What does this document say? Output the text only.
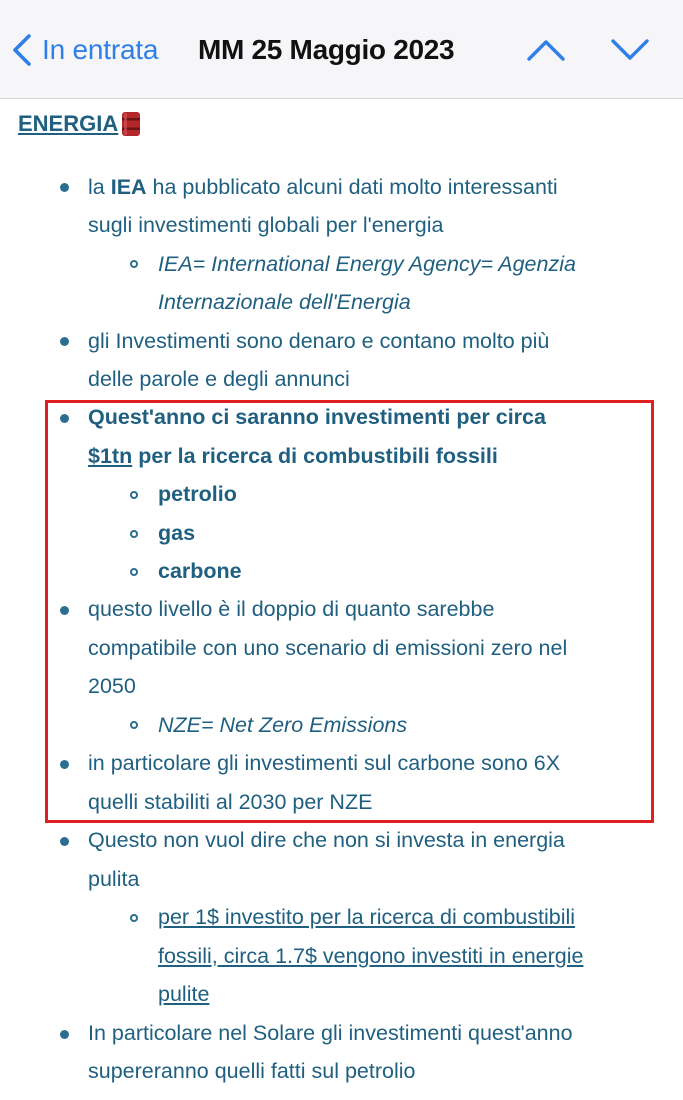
In entrata MM 25 Maggio 2023
ENERGIA
la IEA ha pubblicato alcuni dati molto interessanti
sugli investimenti globali per l'energia
IEA= International Energy Agency= Agenzia
Internazionale dell'Energia
gli Investimenti sono denaro e contano molto più
delle parole e degli annunci
Quest'anno ci saranno investimenti per circa
$1tn per la ricerca di combustibili fossili
petrolio
gas
carbone
questo livello è il doppio di quanto sarebbe
compatibile con uno scenario di emissioni zero nel
2050
NZE= Net Zero Emissions
in particolare gli investimenti sul carbone sono 6X
quelli stabiliti al 2030 per NZE
Questo non vuol dire che non si investa in energia
pulita
per 1$ investito per la ricerca di combustibili
fossili, circa 1.7$ vengono investiti in energie
pulite
In particolare nel Solare gli investimenti quest'anno
supereranno quelli fatti sul petrolio
